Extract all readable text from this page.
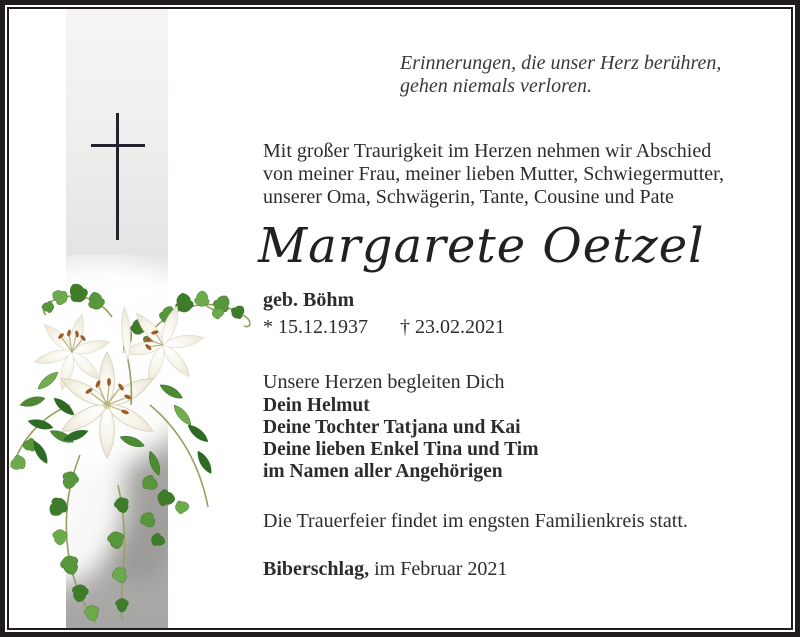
Erinnerungen, die unser Herz berühren,
gehen niemals verloren.
Mit großer Traurigkeit im Herzen nehmen wir Abschied
von meiner Frau, meiner lieben Mutter, Schwiegermutter,
unserer Oma, Schwägerin, Tante, Cousine und Pate
Margarete Oetzel
geb. Böhm
* 15.12.1937 † 23.02.2021
Unsere Herzen begleiten Dich
Dein Helmut
Deine Tochter Tatjana und Kai
Deine lieben Enkel Tina und Tim
im Namen aller Angehörigen
Die Trauerfeier findet im engsten Familienkreis statt.
Biberschlag, im Februar 2021
